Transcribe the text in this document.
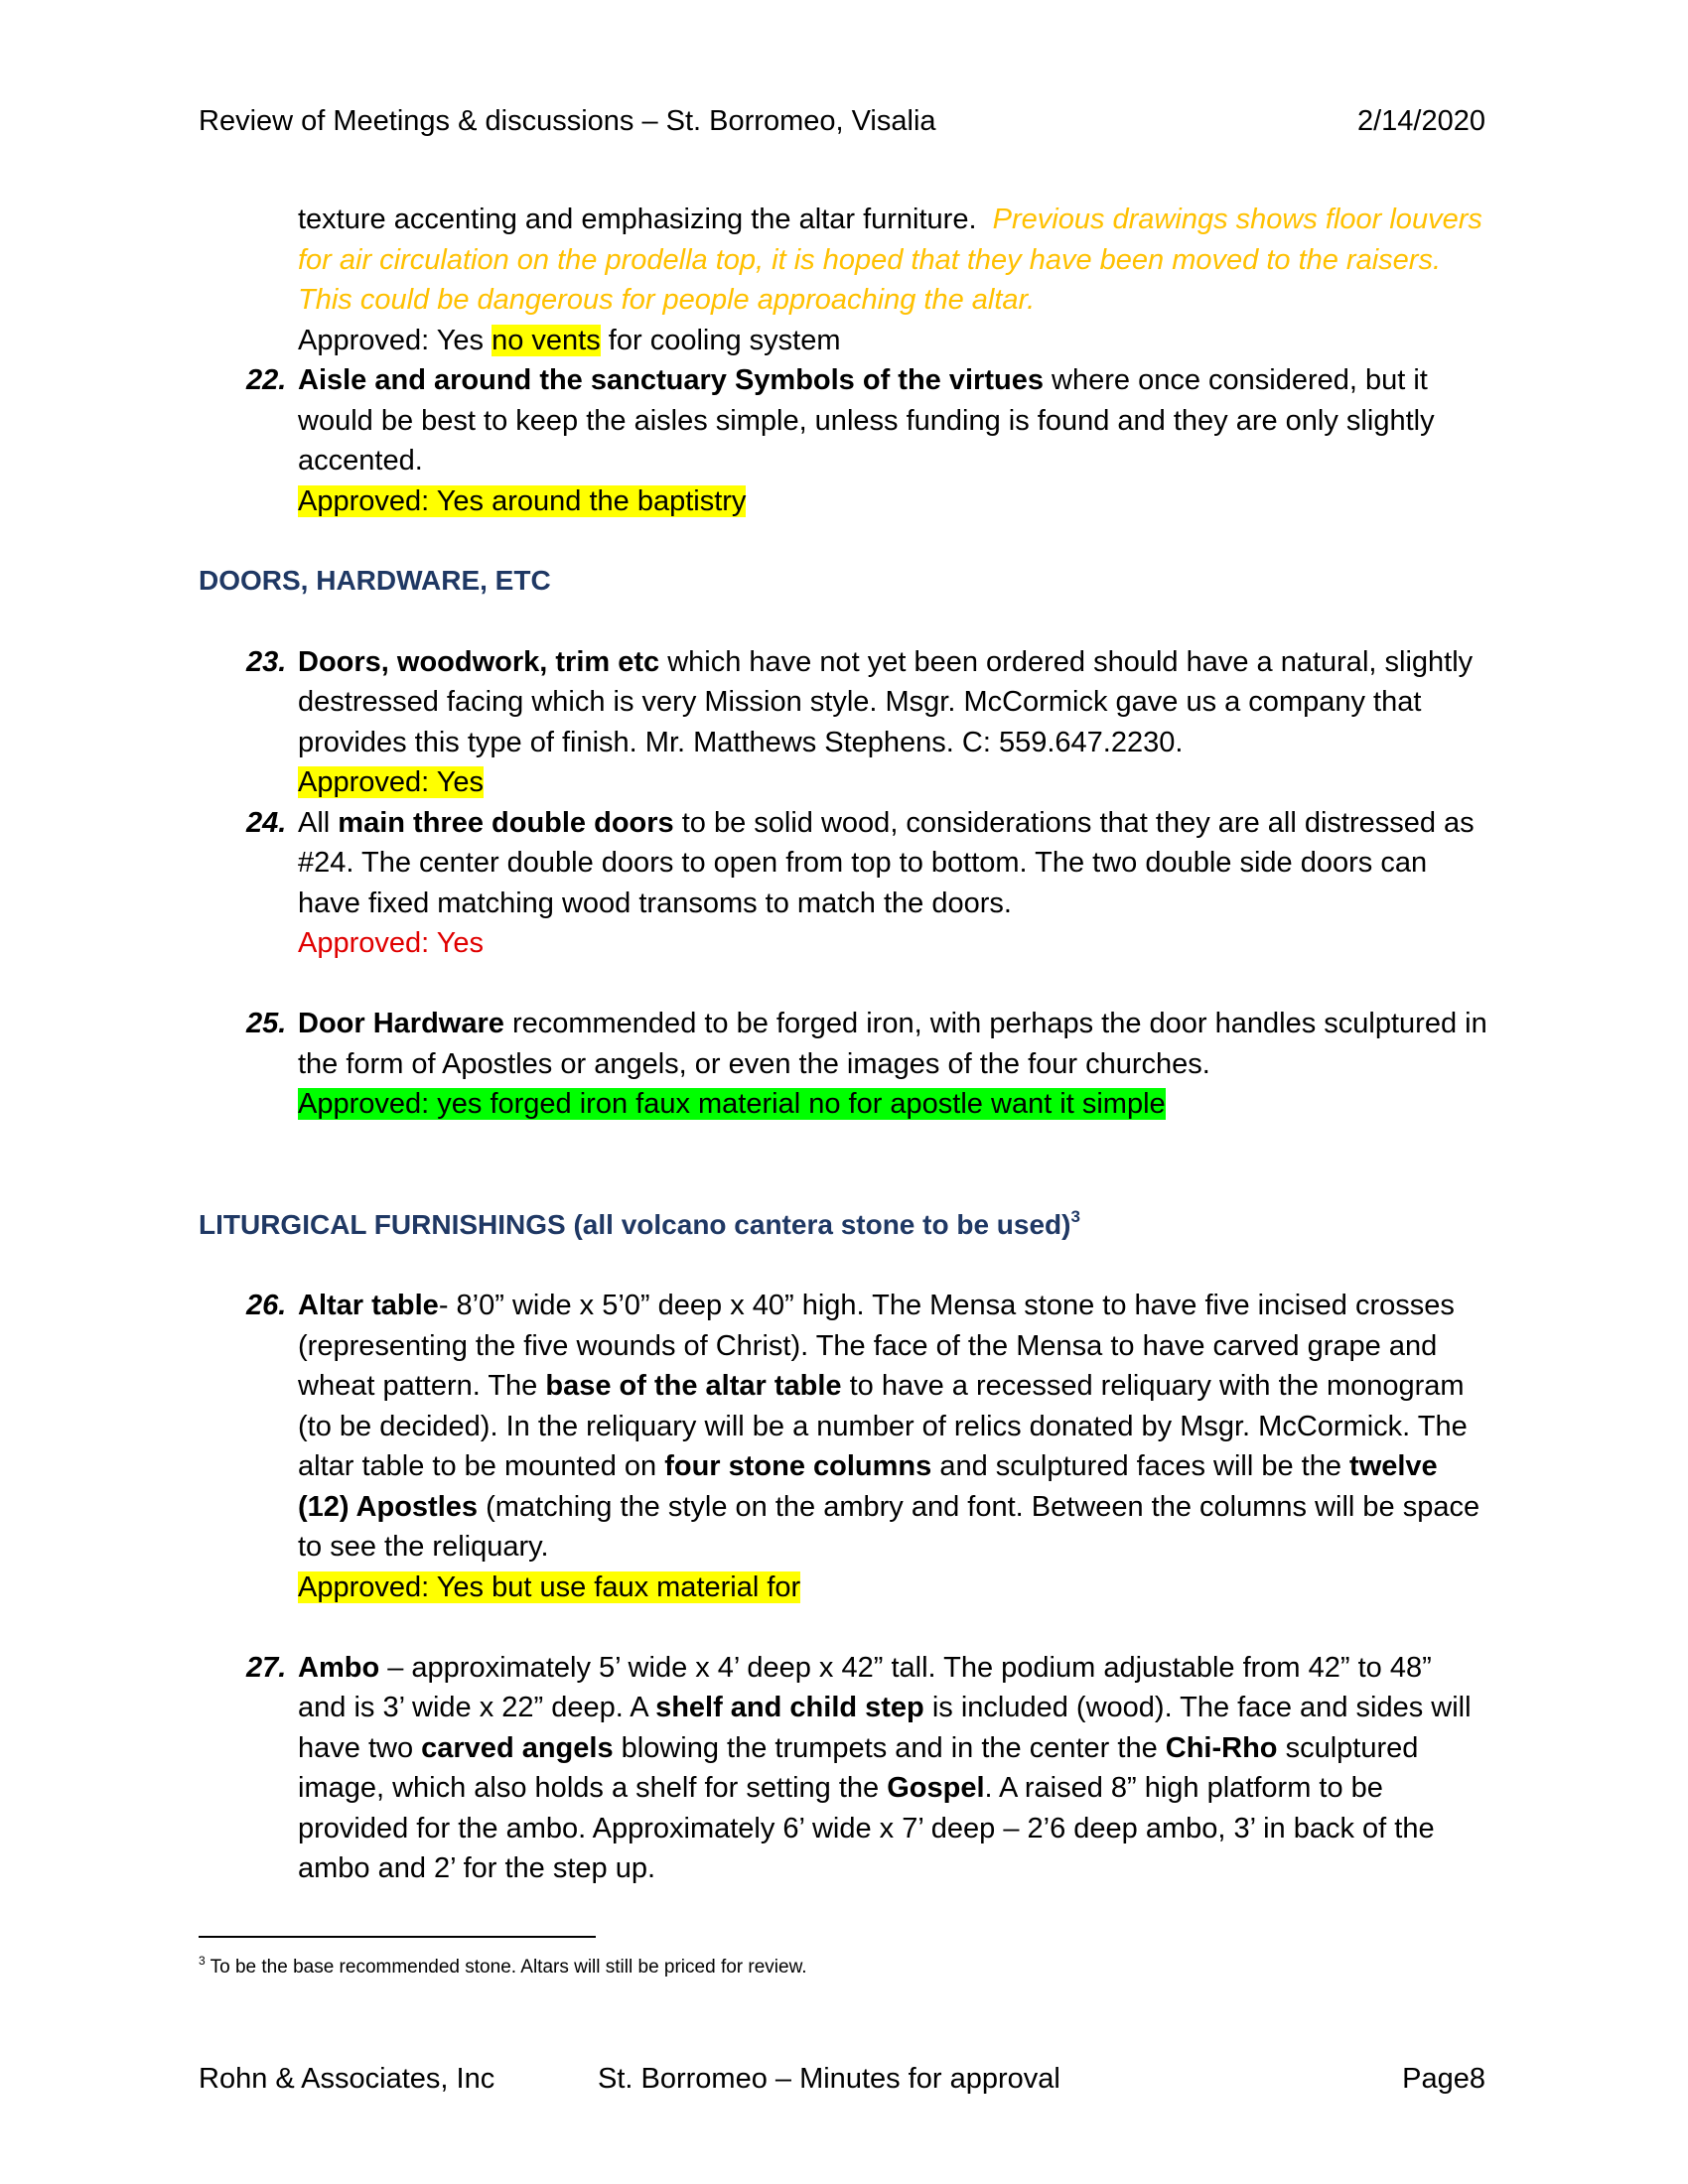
Review of Meetings & discussions – St. Borromeo, Visalia	2/14/2020
texture accenting and emphasizing the altar furniture. Previous drawings shows floor louvers for air circulation on the prodella top, it is hoped that they have been moved to the raisers. This could be dangerous for people approaching the altar.
Approved: Yes no vents for cooling system
22. Aisle and around the sanctuary Symbols of the virtues where once considered, but it would be best to keep the aisles simple, unless funding is found and they are only slightly accented.
Approved: Yes around the baptistry
DOORS, HARDWARE, ETC
23. Doors, woodwork, trim etc which have not yet been ordered should have a natural, slightly destressed facing which is very Mission style. Msgr. McCormick gave us a company that provides this type of finish. Mr. Matthews Stephens. C: 559.647.2230.
Approved: Yes
24. All main three double doors to be solid wood, considerations that they are all distressed as #24. The center double doors to open from top to bottom. The two double side doors can have fixed matching wood transoms to match the doors.
Approved: Yes
25. Door Hardware recommended to be forged iron, with perhaps the door handles sculptured in the form of Apostles or angels, or even the images of the four churches.
Approved: yes forged iron faux material no for apostle want it simple
LITURGICAL FURNISHINGS (all volcano cantera stone to be used)$^3$
26. Altar table- 8’0” wide x 5’0” deep x 40” high. The Mensa stone to have five incised crosses (representing the five wounds of Christ). The face of the Mensa to have carved grape and wheat pattern. The base of the altar table to have a recessed reliquary with the monogram (to be decided). In the reliquary will be a number of relics donated by Msgr. McCormick. The altar table to be mounted on four stone columns and sculptured faces will be the twelve (12) Apostles (matching the style on the ambry and font. Between the columns will be space to see the reliquary.
Approved: Yes but use faux material for
27. Ambo – approximately 5’ wide x 4’ deep x 42” tall. The podium adjustable from 42” to 48” and is 3’ wide x 22” deep. A shelf and child step is included (wood). The face and sides will have two carved angels blowing the trumpets and in the center the Chi-Rho sculptured image, which also holds a shelf for setting the Gospel. A raised 8” high platform to be provided for the ambo. Approximately 6’ wide x 7’ deep – 2’6 deep ambo, 3’ in back of the ambo and 2’ for the step up.
$^3$ To be the base recommended stone. Altars will still be priced for review.
Rohn & Associates, Inc	St. Borromeo – Minutes for approval	Page8
